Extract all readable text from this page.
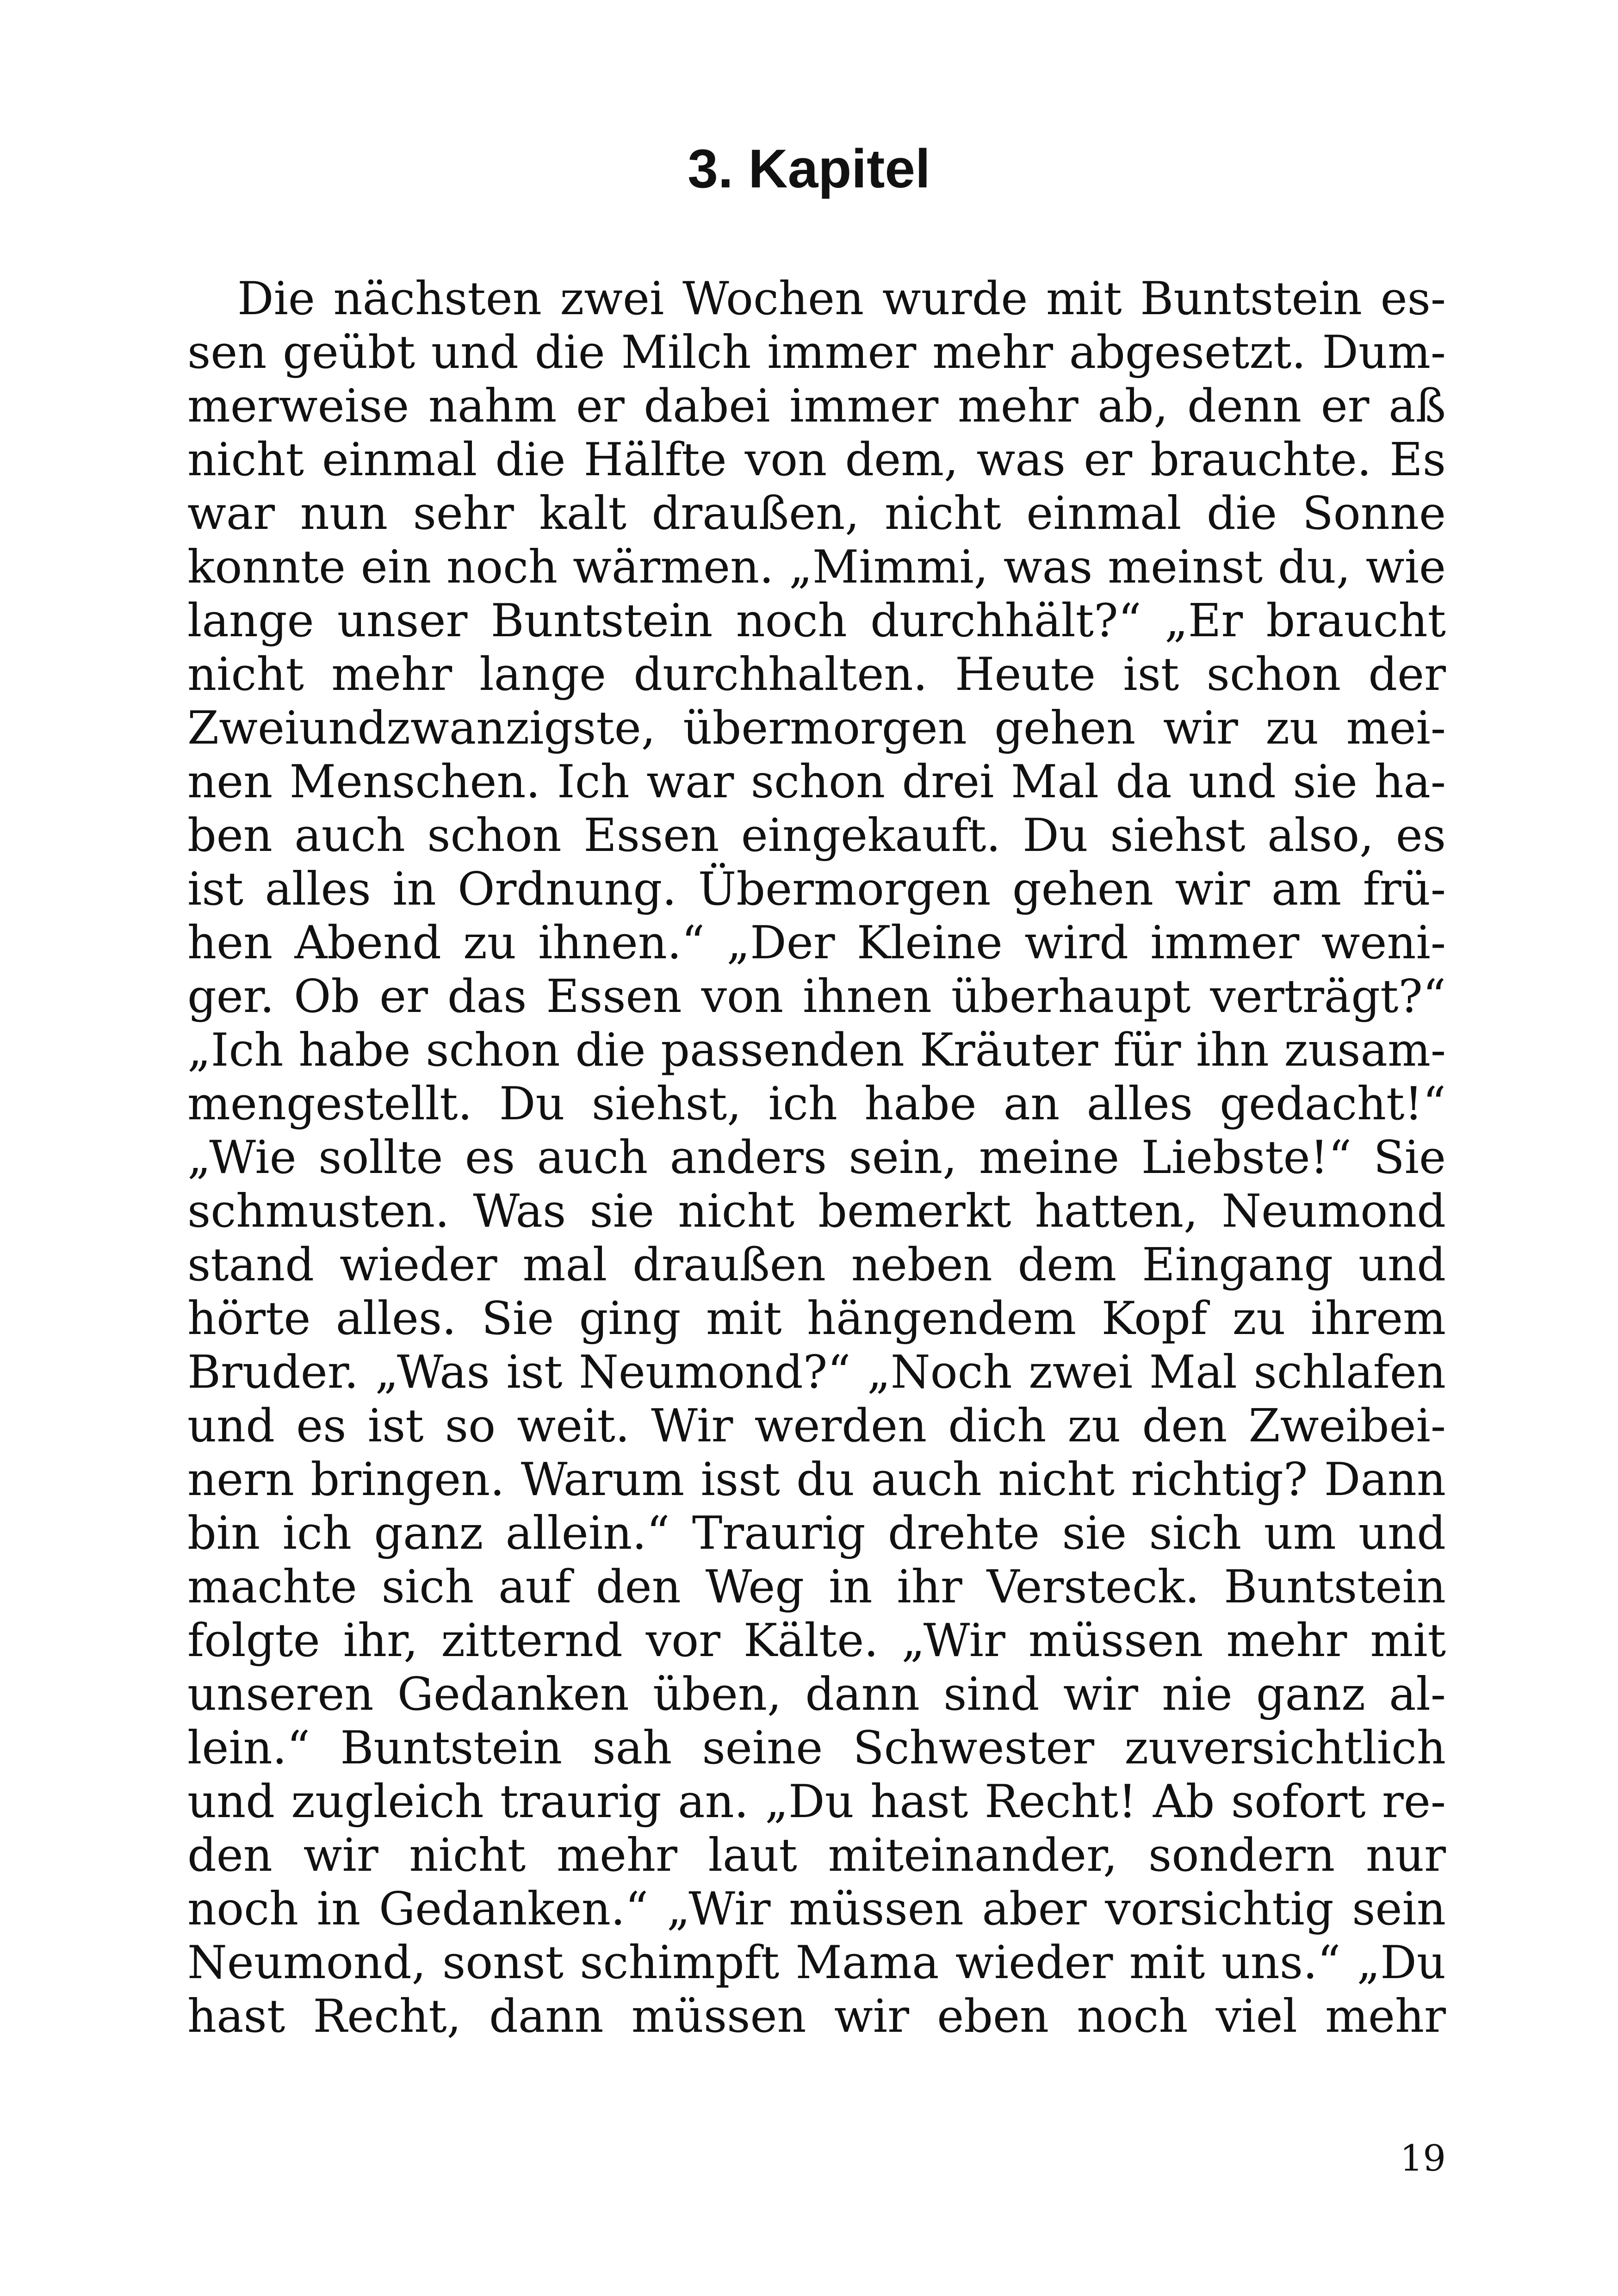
3. Kapitel
Die nächsten zwei Wochen wurde mit Buntstein es-
sen geübt und die Milch immer mehr abgesetzt. Dum-
merweise nahm er dabei immer mehr ab, denn er aß
nicht einmal die Hälfte von dem, was er brauchte. Es
war nun sehr kalt draußen, nicht einmal die Sonne
konnte ein noch wärmen. „Mimmi, was meinst du, wie
lange unser Buntstein noch durchhält?“ „Er braucht
nicht mehr lange durchhalten. Heute ist schon der
Zweiundzwanzigste, übermorgen gehen wir zu mei-
nen Menschen. Ich war schon drei Mal da und sie ha-
ben auch schon Essen eingekauft. Du siehst also, es
ist alles in Ordnung. Übermorgen gehen wir am frü-
hen Abend zu ihnen.“ „Der Kleine wird immer weni-
ger. Ob er das Essen von ihnen überhaupt verträgt?“
„Ich habe schon die passenden Kräuter für ihn zusam-
mengestellt. Du siehst, ich habe an alles gedacht!“
„Wie sollte es auch anders sein, meine Liebste!“ Sie
schmusten. Was sie nicht bemerkt hatten, Neumond
stand wieder mal draußen neben dem Eingang und
hörte alles. Sie ging mit hängendem Kopf zu ihrem
Bruder. „Was ist Neumond?“ „Noch zwei Mal schlafen
und es ist so weit. Wir werden dich zu den Zweibei-
nern bringen. Warum isst du auch nicht richtig? Dann
bin ich ganz allein.“ Traurig drehte sie sich um und
machte sich auf den Weg in ihr Versteck. Buntstein
folgte ihr, zitternd vor Kälte. „Wir müssen mehr mit
unseren Gedanken üben, dann sind wir nie ganz al-
lein.“ Buntstein sah seine Schwester zuversichtlich
und zugleich traurig an. „Du hast Recht! Ab sofort re-
den wir nicht mehr laut miteinander, sondern nur
noch in Gedanken.“ „Wir müssen aber vorsichtig sein
Neumond, sonst schimpft Mama wieder mit uns.“ „Du
hast Recht, dann müssen wir eben noch viel mehr
19
